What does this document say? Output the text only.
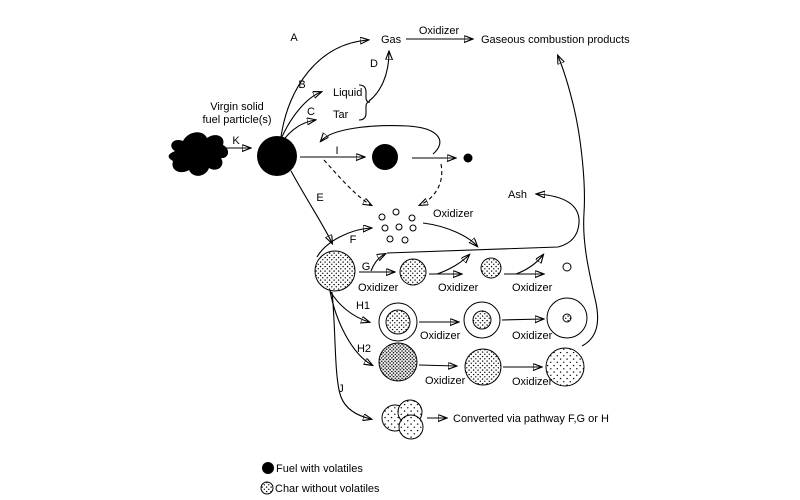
Virgin solid
fuel particle(s)
K
A
B
C
D
E
F
G
H1
H2
I
J
Gas
Liquid
Tar
Oxidizer
Gaseous combustion products
Ash
Oxidizer
Oxidizer	Oxidizer	Oxidizer
Oxidizer	Oxidizer
Oxidizer	Oxidizer
Converted via pathway F,G or H
Fuel with volatiles
Char without volatiles
